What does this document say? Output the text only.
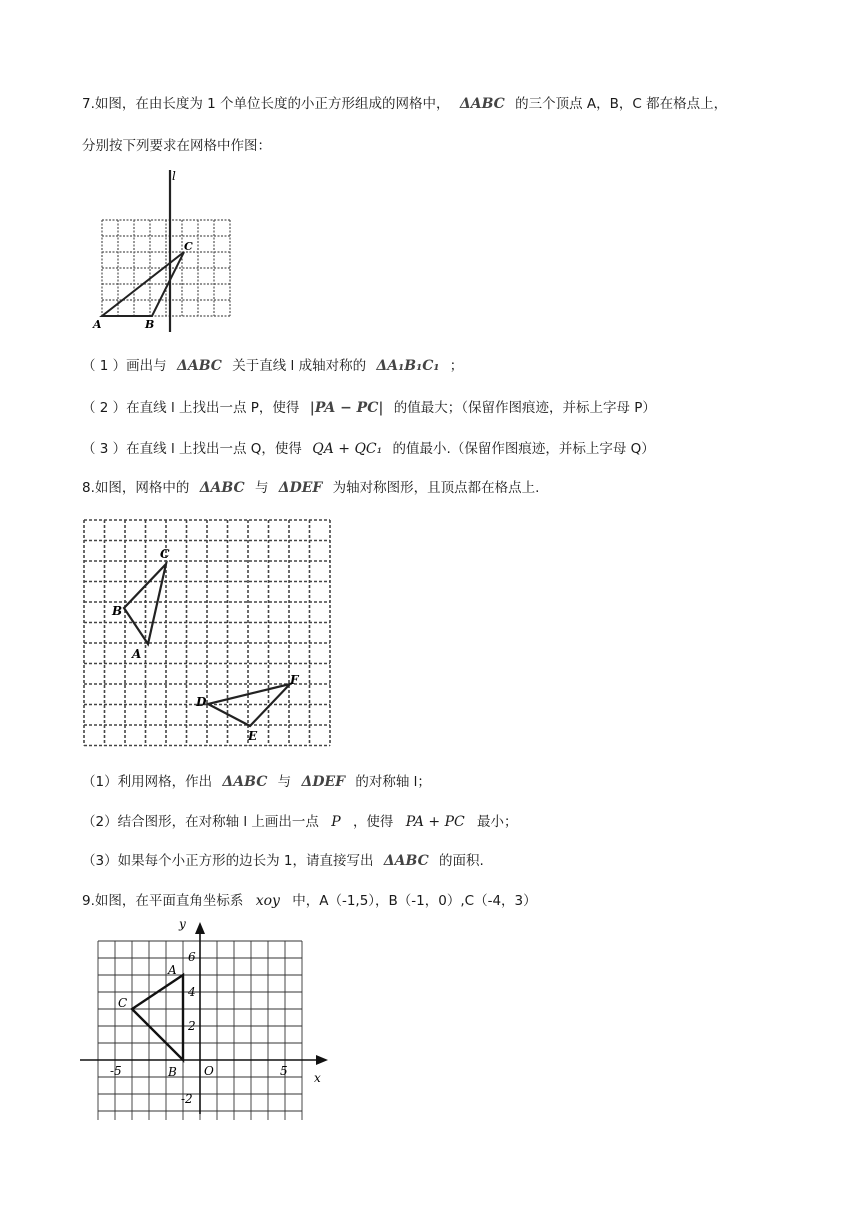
7.如图，在由长度为 1 个单位长度的小正方形组成的网格中， ΔABC 的三个顶点 A，B，C 都在格点上，
分别按下列要求在网格中作图：
l
A	B
C
（ 1 ）画出与 ΔABC 关于直线 l 成轴对称的 ΔA₁B₁C₁ ；
（ 2 ）在直线 l 上找出一点 P，使得 |PA − PC| 的值最大；（保留作图痕迹，并标上字母 P）
（ 3 ）在直线 l 上找出一点 Q，使得 QA + QC₁ 的值最小.（保留作图痕迹，并标上字母 Q）
8.如图，网格中的 ΔABC 与 ΔDEF 为轴对称图形，且顶点都在格点上.
A
B
C
D
E
F
（1）利用网格，作出 ΔABC 与 ΔDEF 的对称轴 l；
（2）结合图形，在对称轴 l 上画出一点 P ，使得 PA + PC 最小；
（3）如果每个小正方形的边长为 1，请直接写出 ΔABC 的面积.
9.如图，在平面直角坐标系 xoy 中，A（-1,5），B（-1，0）,C（-4，3）
x
y
O
-5	5
6
4
2
-2
A
B
C
